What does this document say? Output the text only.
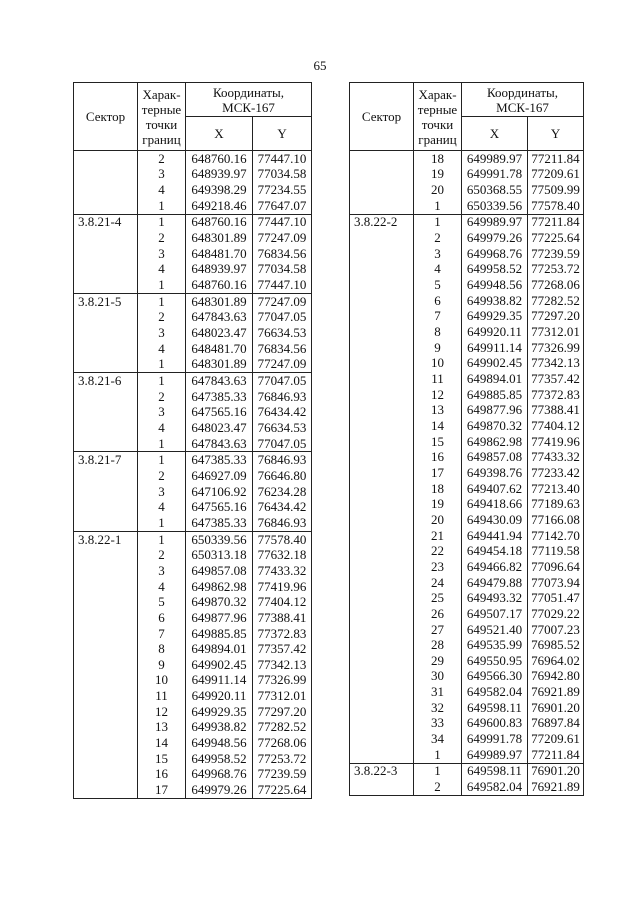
65
Сектор	Харак-
терные
точки
границ	Координаты,
МСК-167	

		X	Y
	2	648760.16	77447.10
	3	648939.97	77034.58
	4	649398.29	77234.55
	1	649218.46	77647.07
3.8.21-4	1	648760.16	77447.10
	2	648301.89	77247.09
	3	648481.70	76834.56
	4	648939.97	77034.58
	1	648760.16	77447.10
3.8.21-5	1	648301.89	77247.09
	2	647843.63	77047.05
	3	648023.47	76634.53
	4	648481.70	76834.56
	1	648301.89	77247.09
3.8.21-6	1	647843.63	77047.05
	2	647385.33	76846.93
	3	647565.16	76434.42
	4	648023.47	76634.53
	1	647843.63	77047.05
3.8.21-7	1	647385.33	76846.93
	2	646927.09	76646.80
	3	647106.92	76234.28
	4	647565.16	76434.42
	1	647385.33	76846.93
3.8.22-1	1	650339.56	77578.40
	2	650313.18	77632.18
	3	649857.08	77433.32
	4	649862.98	77419.96
	5	649870.32	77404.12
	6	649877.96	77388.41
	7	649885.85	77372.83
	8	649894.01	77357.42
	9	649902.45	77342.13
	10	649911.14	77326.99
	11	649920.11	77312.01
	12	649929.35	77297.20
	13	649938.82	77282.52
	14	649948.56	77268.06
	15	649958.52	77253.72
	16	649968.76	77239.59
	17	649979.26	77225.64
Сектор	Харак-
терные
точки
границ	Координаты,
МСК-167	

		X	Y
	18	649989.97	77211.84
	19	649991.78	77209.61
	20	650368.55	77509.99
	1	650339.56	77578.40
3.8.22-2	1	649989.97	77211.84
	2	649979.26	77225.64
	3	649968.76	77239.59
	4	649958.52	77253.72
	5	649948.56	77268.06
	6	649938.82	77282.52
	7	649929.35	77297.20
	8	649920.11	77312.01
	9	649911.14	77326.99
	10	649902.45	77342.13
	11	649894.01	77357.42
	12	649885.85	77372.83
	13	649877.96	77388.41
	14	649870.32	77404.12
	15	649862.98	77419.96
	16	649857.08	77433.32
	17	649398.76	77233.42
	18	649407.62	77213.40
	19	649418.66	77189.63
	20	649430.09	77166.08
	21	649441.94	77142.70
	22	649454.18	77119.58
	23	649466.82	77096.64
	24	649479.88	77073.94
	25	649493.32	77051.47
	26	649507.17	77029.22
	27	649521.40	77007.23
	28	649535.99	76985.52
	29	649550.95	76964.02
	30	649566.30	76942.80
	31	649582.04	76921.89
	32	649598.11	76901.20
	33	649600.83	76897.84
	34	649991.78	77209.61
	1	649989.97	77211.84
3.8.22-3	1	649598.11	76901.20
	2	649582.04	76921.89
